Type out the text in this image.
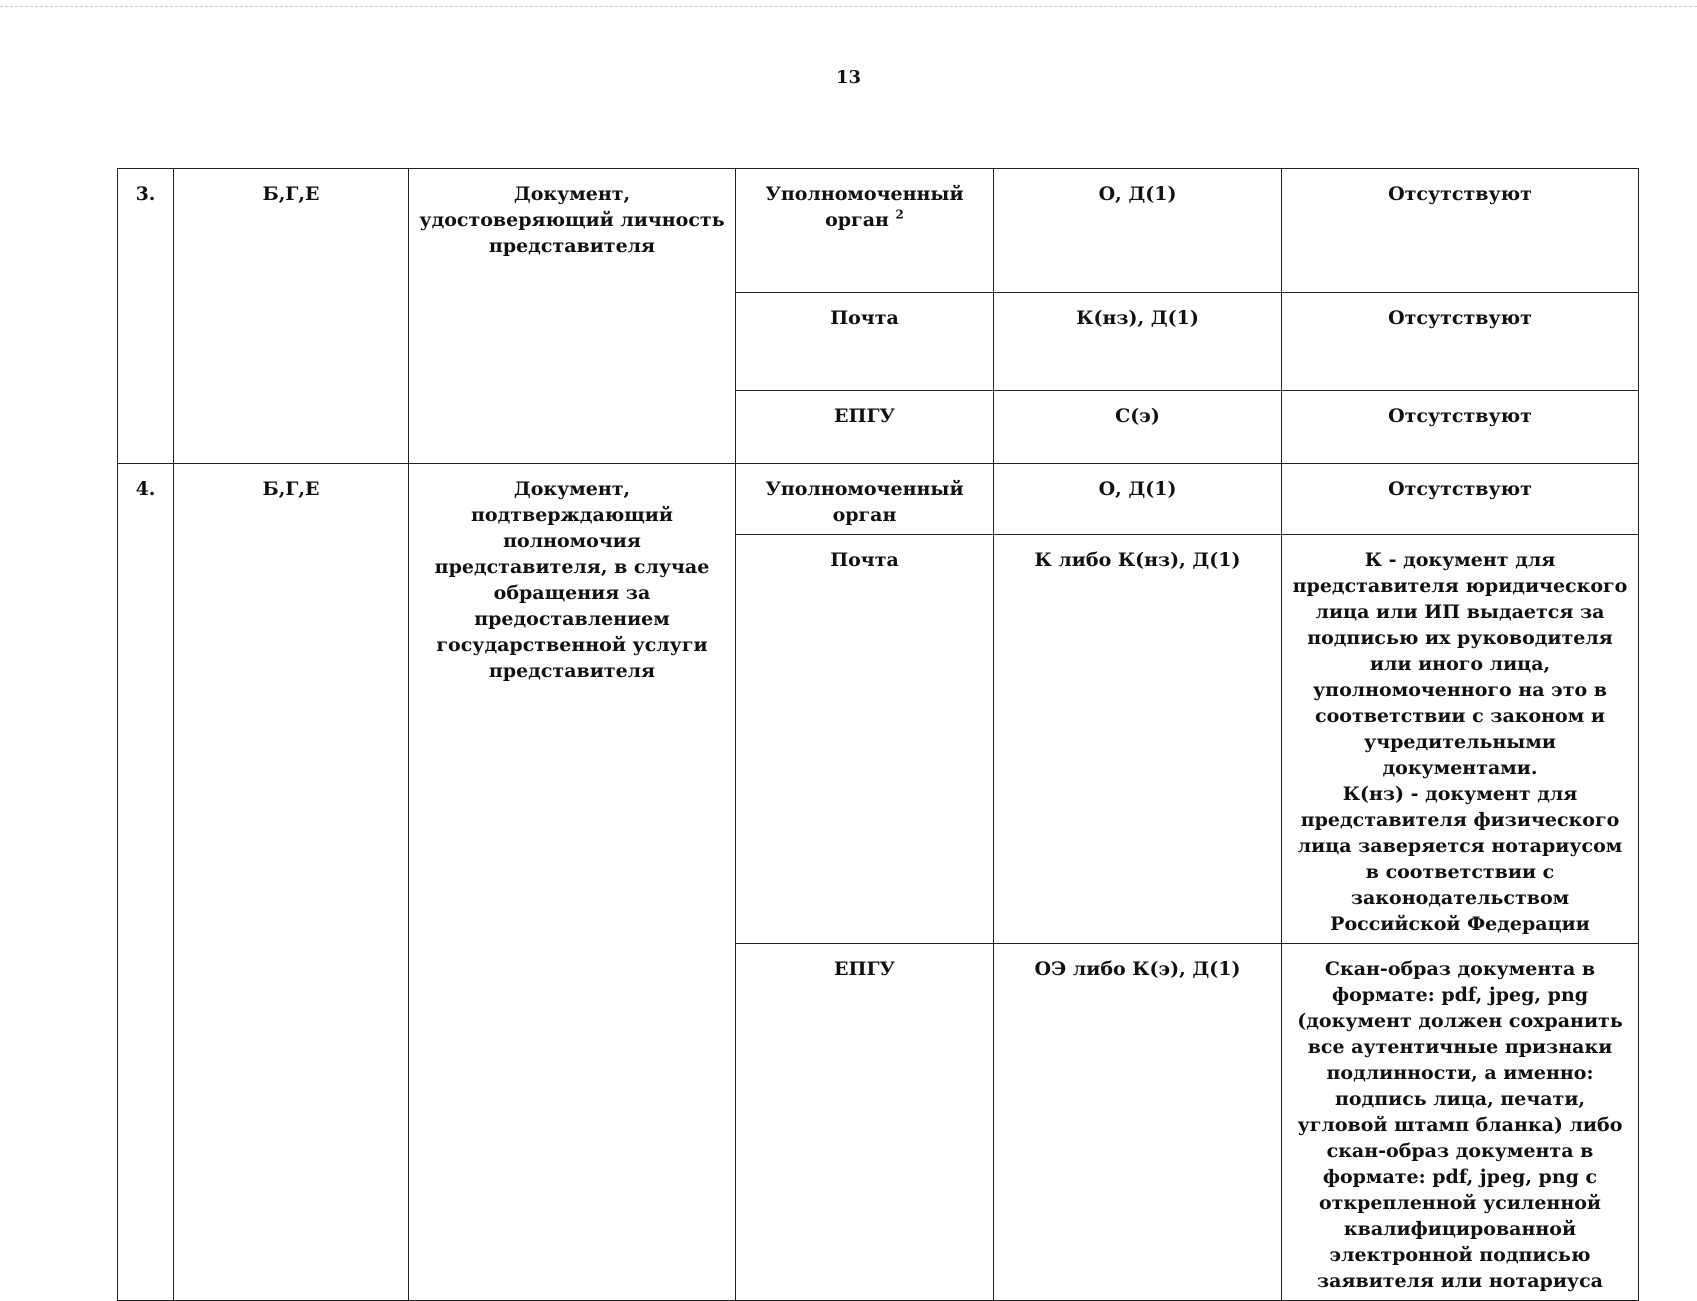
13
3.	Б,Г,Е	Документ, удостоверяющий личность представителя	Уполномоченный орган $^2$	О, Д(1)	Отсутствуют
			Почта	К(нз), Д(1)	Отсутствуют
			ЕПГУ	С(э)	Отсутствуют
4.	Б,Г,Е	Документ, подтверждающий полномочия представителя, в случае обращения за предоставлением государственной услуги представителя	Уполномоченный орган	О, Д(1)	Отсутствуют
			Почта	К либо К(нз), Д(1)	К - документ для представителя юридического лица или ИП выдается за подписью их руководителя или иного лица, уполномоченного на это в соответствии с законом и учредительными документами.
К(нз) - документ для представителя физического лица заверяется нотариусом в соответствии с законодательством Российской Федерации
			ЕПГУ	ОЭ либо К(э), Д(1)	Скан-образ документа в формате: pdf, jpeg, png (документ должен сохранить все аутентичные признаки подлинности, а именно: подпись лица, печати, угловой штамп бланка) либо скан-образ документа в формате: pdf, jpeg, png с открепленной усиленной квалифицированной электронной подписью заявителя или нотариуса
